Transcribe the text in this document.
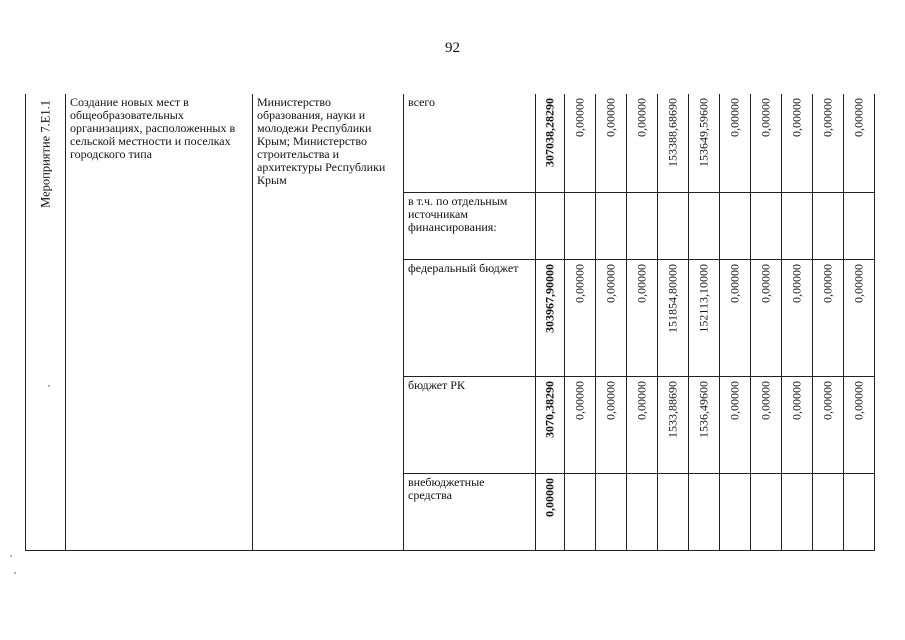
92
Мероприятие 7.Е1.1	Создание новых мест в общеобразовательных организациях, расположенных в сельской местности и поселках городского типа	Министерство образования, науки и молодежи Республики Крым; Министерство строительства и архитектуры Республики Крым	всего	307038,28290	0,00000	0,00000	0,00000	153388,68690	153649,59600	0,00000	0,00000	0,00000	0,00000	0,00000

			в т.ч. по отдельным источникам финансирования:											
			федеральный бюджет	303967,90000	0,00000	0,00000	0,00000	151854,80000	152113,10000	0,00000	0,00000	0,00000	0,00000	0,00000

			бюджет РК	3070,38290	0,00000	0,00000	0,00000	1533,88690	1536,49600	0,00000	0,00000	0,00000	0,00000	0,00000

			внебюджетные средства	0,00000										
